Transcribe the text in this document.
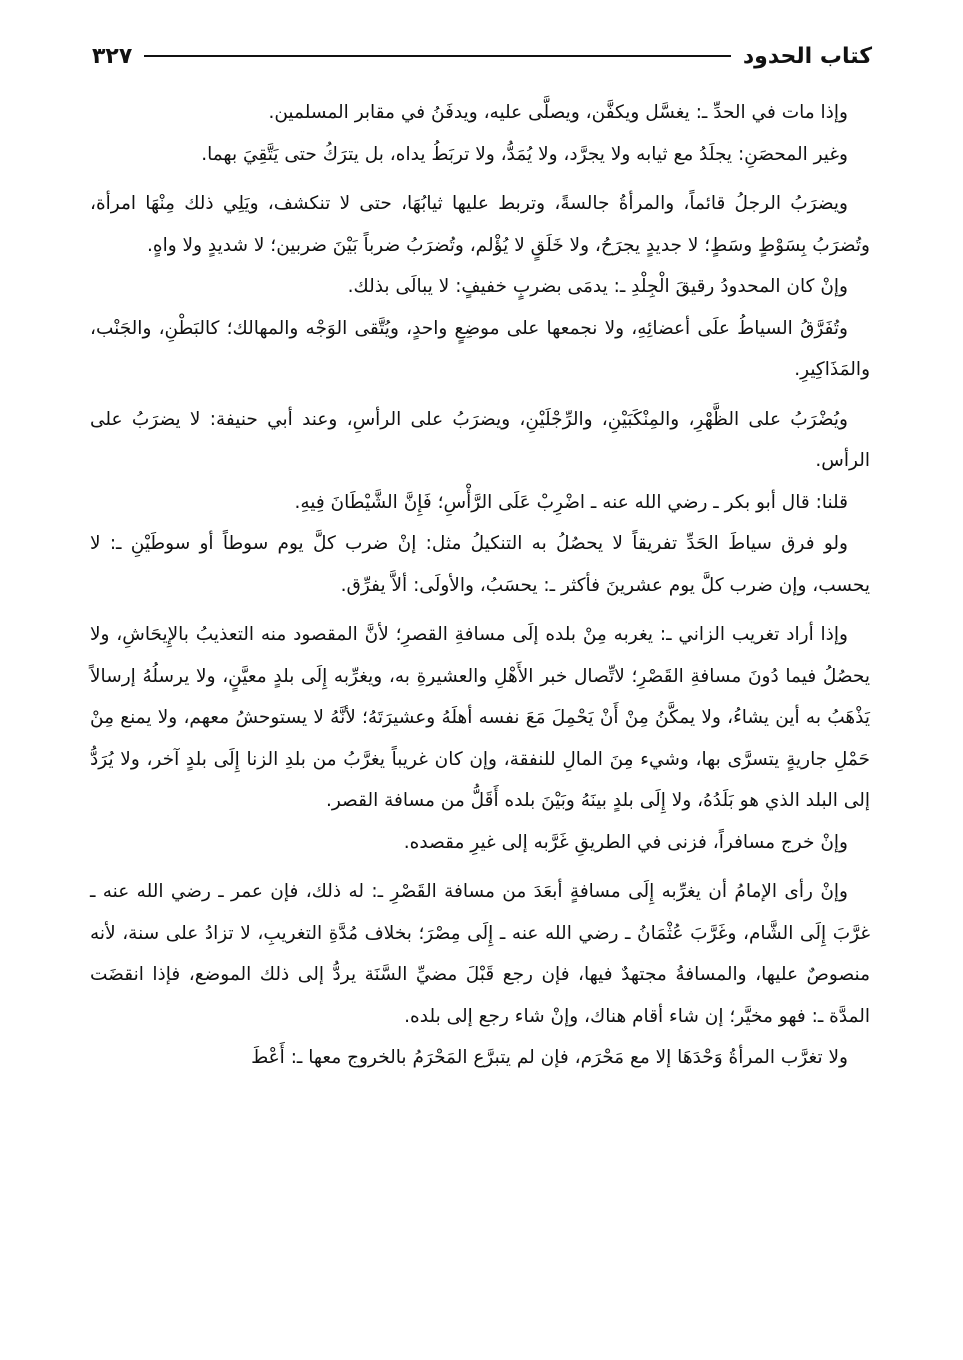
كتاب الحدود
٣٢٧

وإذا مات في الحدِّ ـ: يغسَّل ويكفَّن، ويصلَّى عليه، ويدفَنُ في مقابر المسلمين.

وغير المحصَنِ: يجلَدُ مع ثيابه ولا يجرَّد، ولا يُمَدُّ، ولا تربَطُ يداه، بل يترَكُ حتى يَتَّقِيَ بهما.

ويضرَبُ الرجلُ قائماً، والمرأةُ جالسةً، وتربط عليها ثيابُهَا، حتى لا تنكشف، ويَلِي ذلك مِنْهَا امرأة، وتُضرَبُ بِسَوْطٍ وسَطٍ؛ لا جديدٍ يجرَحُ، ولا خَلَقٍ لا يُؤْلم، وتُضرَبُ ضرباً بَيْنَ ضربين؛ لا شديدٍ ولا واهٍ.

وإنْ كان المحدودُ رقيقَ الْجِلْدِ ـ: يدمَى بضربٍ خفيفٍ: لا يبالَى بذلك.

وتُفَرَّقُ السياطُ علَى أعضائِهِ، ولا نجمعها على موضِعٍ واحدٍ، ويُتَّقى الوَجْه والمهالك؛ كالبَطْنِ، والجَنْب، والمَذَاكِيرِ.

ويُضْرَبُ على الظَّهْرِ، والمِنْكَبَيْنِ، والرِّجْلَيْنِ، ويضرَبُ على الرأسِ، وعند أبي حنيفة: لا يضرَبُ على الرأس.

قلنا: قال أبو بكر ـ رضي الله عنه ـ اضْرِبْ عَلَى الرَّأْسِ؛ فَإِنَّ الشَّيْطَانَ فِيهِ.

ولو فرق سياطَ الحَدِّ تفريقاً لا يحصُلُ به التنكيلُ مثل: إنْ ضرب كلَّ يوم سوطاً أو سوطَيْنِ ـ: لا يحسب، وإن ضرب كلَّ يوم عشرينَ فأكثر ـ: يحسَبُ، والأولَى: ألاَّ يفرِّق.

وإذا أراد تغريب الزاني ـ: يغربه مِنْ بلده إلَى مسافةِ القصرِ؛ لأنَّ المقصود منه التعذيبُ بالإِيحَاشِ، ولا يحصُلُ فيما دُونَ مسافةِ القَصْرِ؛ لاتِّصال خبر الأَهْلِ والعشيرةِ به، ويغرِّبه إِلَى بلدٍ معيَّنٍ، ولا يرسلُهُ إرسالاً يَذْهَبُ به أين يشاءُ، ولا يمكَّنُ مِنْ أَنْ يَحْمِلَ مَعَ نفسه أهلَهُ وعشيرَتَهُ؛ لأنَّهُ لا يستوحشُ معهم، ولا يمنع مِنْ حَمْلِ جاريةٍ يتسرَّى بها، وشيء مِنَ المالِ للنفقة، وإن كان غريباً يغرَّبُ من بلدِ الزنا إِلَى بلدٍ آخر، ولا يُرَدُّ إلى البلد الذي هو بَلَدُهُ، ولا إِلَى بلدٍ بينَهُ وبَيْنَ بلده أَقَلُّ من مسافة القصر.

وإنْ خرج مسافراً، فزنى في الطريقِ غَرَّبه إلى غيرِ مقصده.

وإنْ رأى الإمامُ أن يغرِّبه إِلَى مسافةٍ أبعَدَ من مسافة القَصْرِ ـ: له ذلك، فإن عمر ـ رضي الله عنه ـ غرَّبَ إِلَى الشَّام، وغَرَّبَ عُثْمَانُ ـ رضي الله عنه ـ إِلَى مِصْرَ؛ بخلاف مُدَّةِ التغريبِ، لا تزادُ على سنة، لأنه منصوصٌ عليها، والمسافةُ مجتهدٌ فيها، فإن رجع قَبْلَ مضيِّ السَّنَة يردُّ إلى ذلك الموضع، فإذا انقضَت المدَّة ـ: فهو مخيَّر؛ إن شاء أقام هناك، وإنْ شاء رجع إلى بلده.

ولا تغرَّب المرأةُ وَحْدَهَا إلا مع مَحْرَم، فإن لم يتبرَّع المَحْرَمُ بالخروج معها ـ: أَعْطَ
